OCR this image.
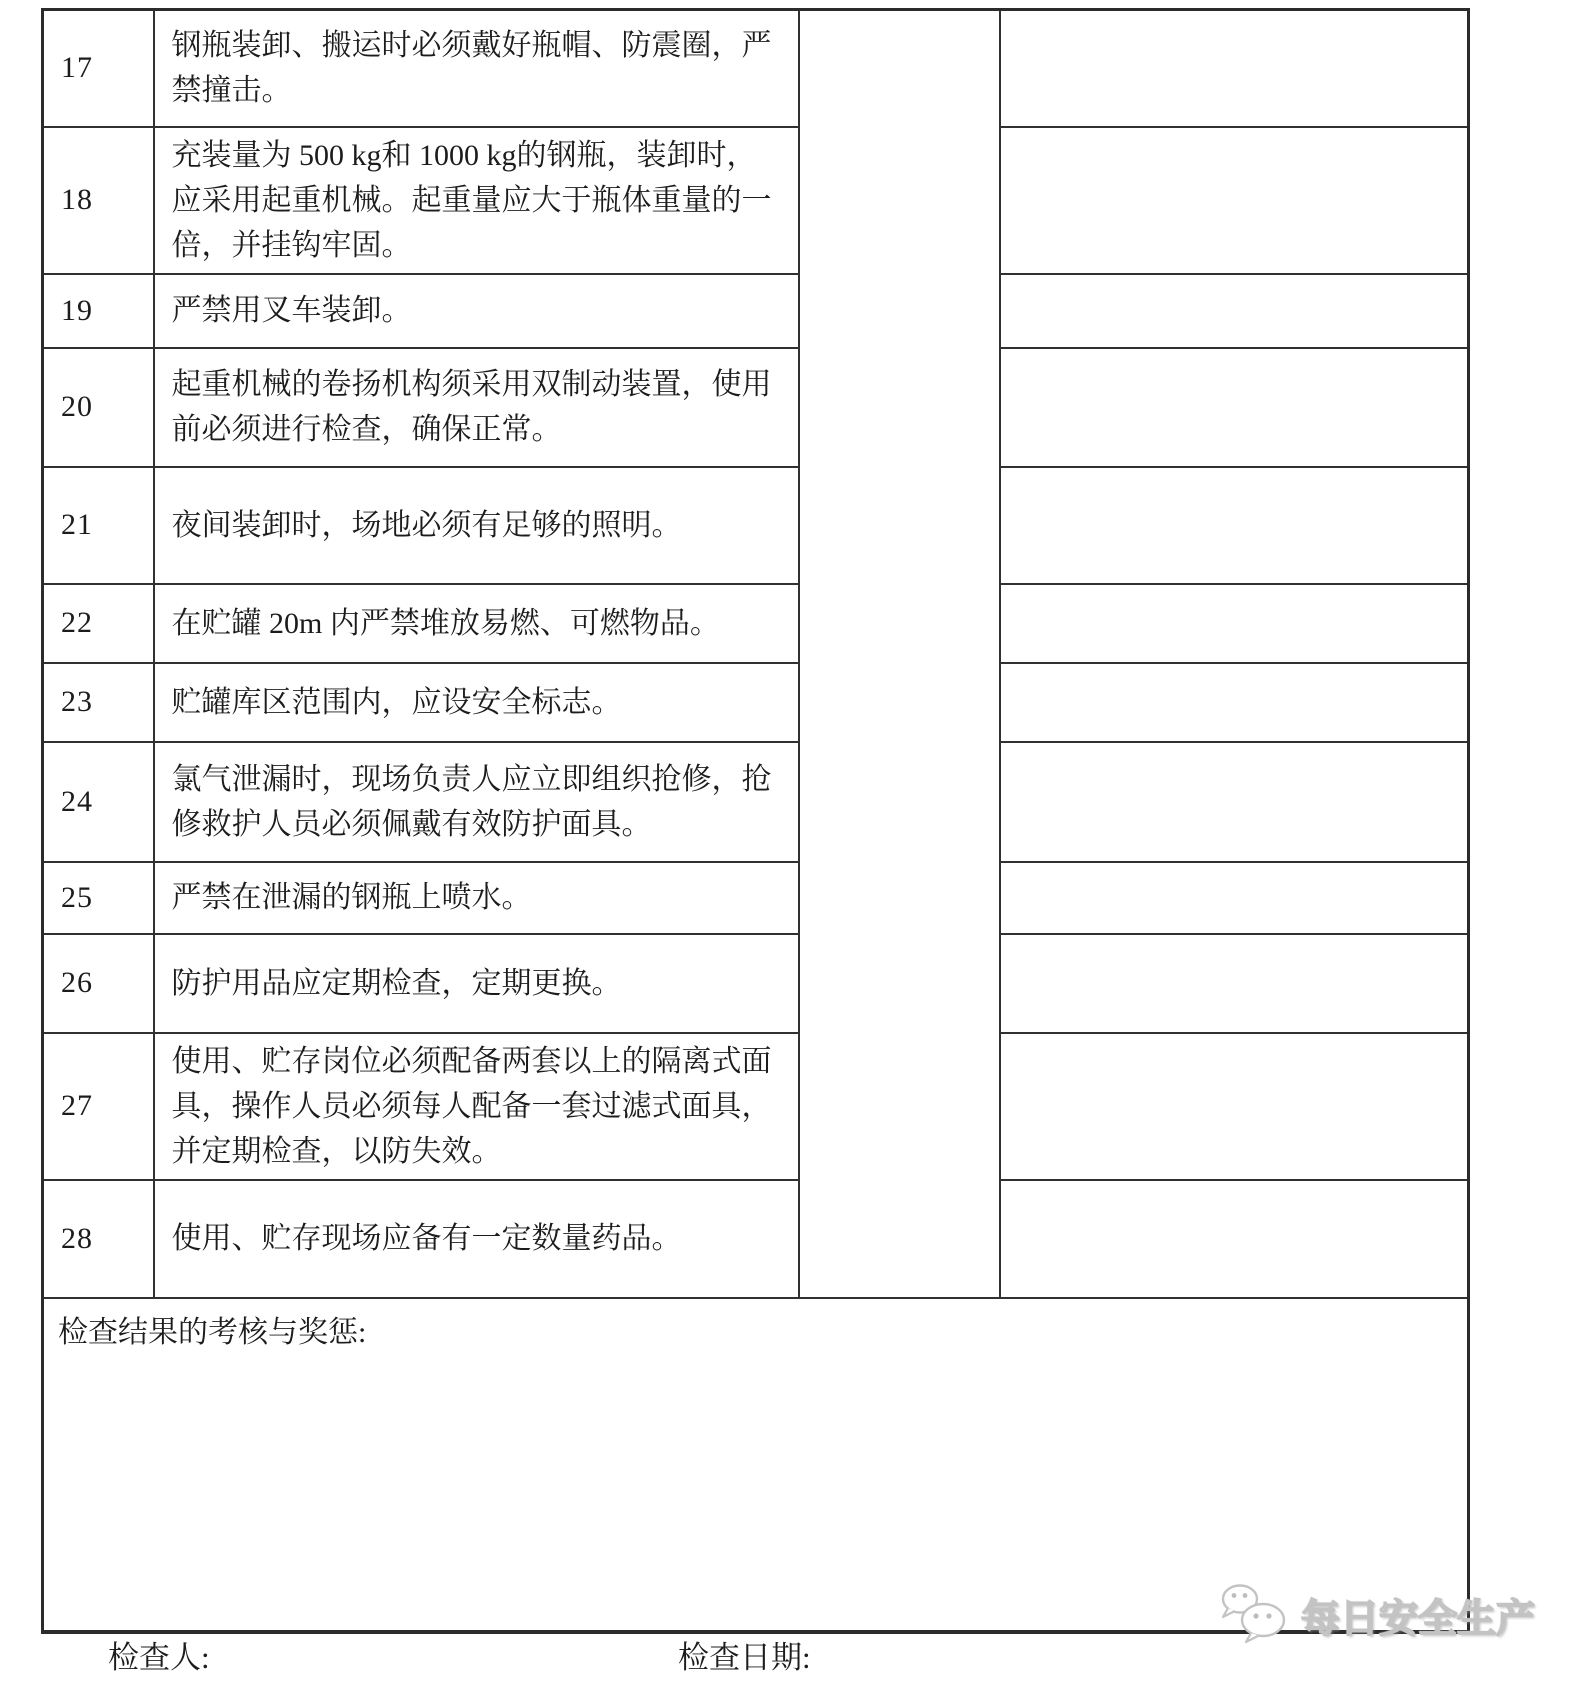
17	钢瓶装卸、搬运时必须戴好瓶帽、防震圈，严禁撞击。		
18	充装量为 500 kg和 1000 kg的钢瓶，装卸时，应采用起重机械。起重量应大于瓶体重量的一倍，并挂钩牢固。		
19	严禁用叉车装卸。		
20	起重机械的卷扬机构须采用双制动装置，使用前必须进行检查，确保正常。		
21	夜间装卸时，场地必须有足够的照明。		
22	在贮罐 20m 内严禁堆放易燃、可燃物品。		
23	贮罐库区范围内，应设安全标志。		
24	氯气泄漏时，现场负责人应立即组织抢修，抢修救护人员必须佩戴有效防护面具。		
25	严禁在泄漏的钢瓶上喷水。		
26	防护用品应定期检查，定期更换。		
27	使用、贮存岗位必须配备两套以上的隔离式面具，操作人员必须每人配备一套过滤式面具，并定期检查，以防失效。		
28	使用、贮存现场应备有一定数量药品。		
检查结果的考核与奖惩:			
检查人:	检查日期:
每日安全生产
